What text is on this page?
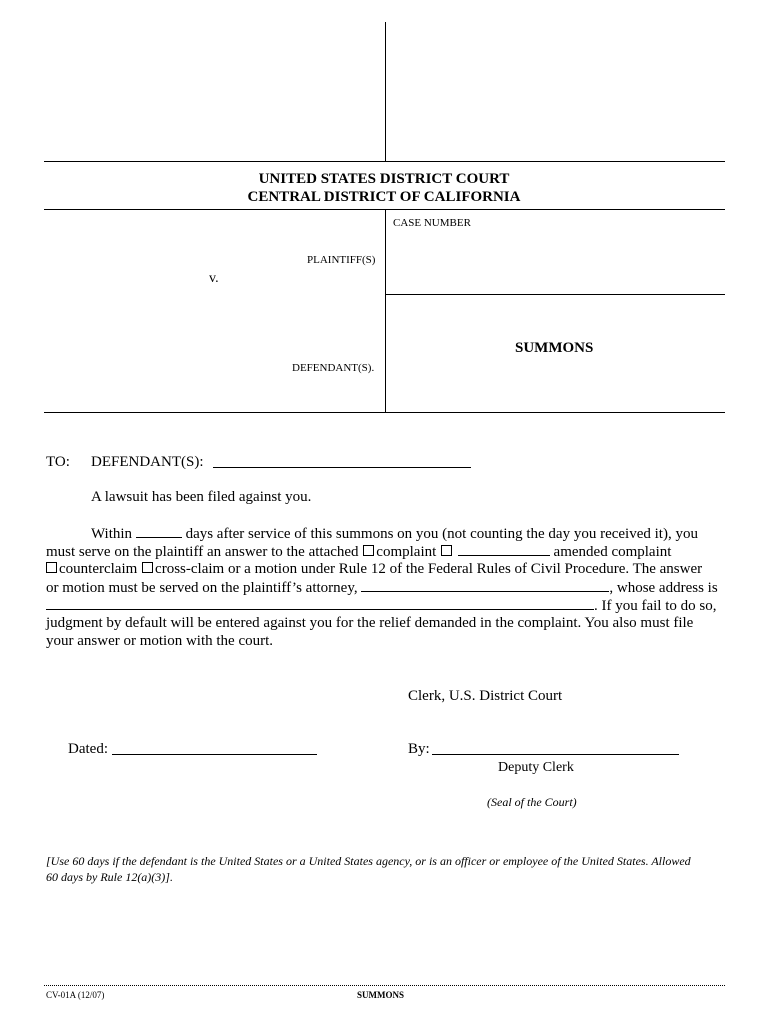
UNITED STATES DISTRICT COURT
CENTRAL DISTRICT OF CALIFORNIA
CASE NUMBER
PLAINTIFF(S)
v.
DEFENDANT(S).
SUMMONS
TO: DEFENDANT(S):
A lawsuit has been filed against you.
Within	days after service of this summons on you (not counting the day you received it), you
must serve on the plaintiff an answer to the attached complaint	amended complaint
counterclaim cross-claim or a motion under Rule 12 of the Federal Rules of Civil Procedure. The answer
or motion must be served on the plaintiff’s attorney,	, whose address is
. If you fail to do so,
judgment by default will be entered against you for the relief demanded in the complaint. You also must file
your answer or motion with the court.
Clerk, U.S. District Court
Dated:	By:
Deputy Clerk
(Seal of the Court)
[Use 60 days if the defendant is the United States or a United States agency, or is an officer or employee of the United States. Allowed
60 days by Rule 12(a)(3)].
CV-01A (12/07)	SUMMONS
